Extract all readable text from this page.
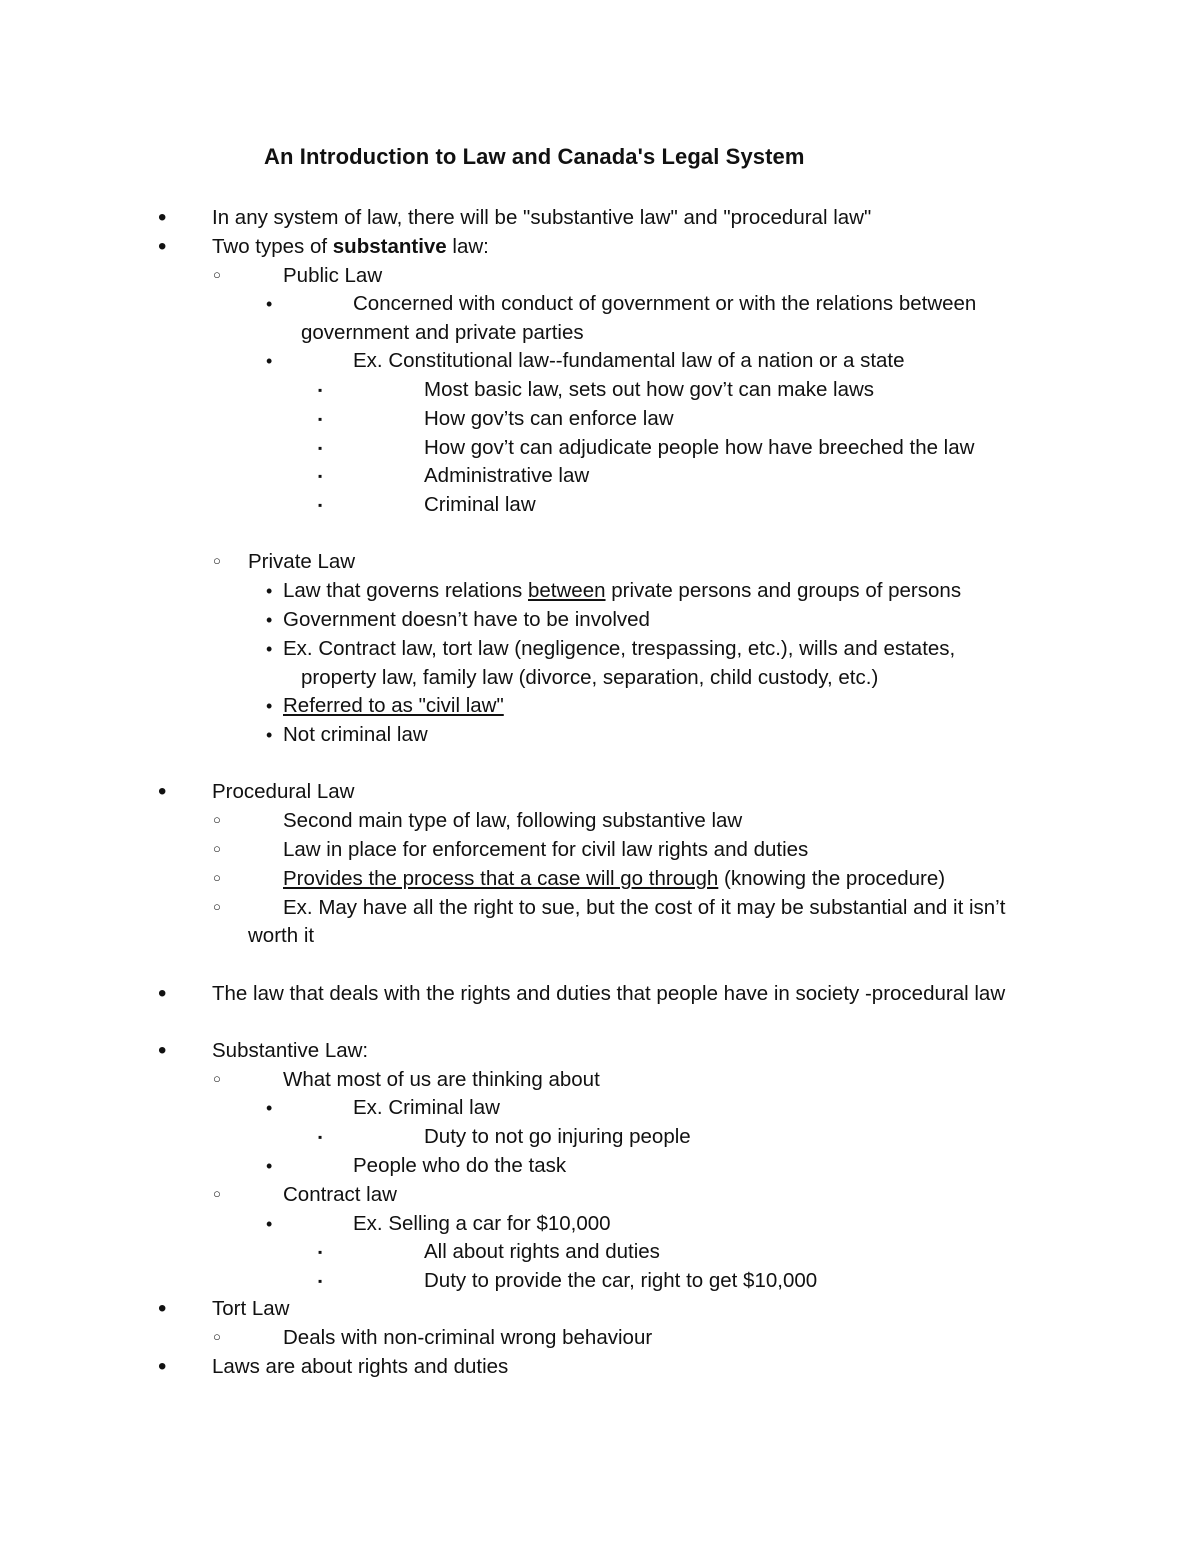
An Introduction to Law and Canada's Legal System
•
In any system of law, there will be "substantive law" and "procedural law"
•
Two types of substantive law:
○
Public Law
•
Concerned with conduct of government or with the relations between
government and private parties
•
Ex. Constitutional law--fundamental law of a nation or a state
▪
Most basic law, sets out how gov’t can make laws
▪
How gov’ts can enforce law
▪
How gov’t can adjudicate people how have breeched the law
▪
Administrative law
▪
Criminal law
○
Private Law
•
Law that governs relations between private persons and groups of persons
•
Government doesn’t have to be involved
•
Ex. Contract law, tort law (negligence, trespassing, etc.), wills and estates,
property law, family law (divorce, separation, child custody, etc.)
•
Referred to as "civil law"
•
Not criminal law
•
Procedural Law
○
Second main type of law, following substantive law
○
Law in place for enforcement for civil law rights and duties
○
Provides the process that a case will go through (knowing the procedure)
○
Ex. May have all the right to sue, but the cost of it may be substantial and it isn’t
worth it
•
The law that deals with the rights and duties that people have in society -procedural law
•
Substantive Law:
○
What most of us are thinking about
•
Ex. Criminal law
▪
Duty to not go injuring people
•
People who do the task
○
Contract law
•
Ex. Selling a car for $10,000
▪
All about rights and duties
▪
Duty to provide the car, right to get $10,000
•
Tort Law
○
Deals with non-criminal wrong behaviour
•
Laws are about rights and duties
